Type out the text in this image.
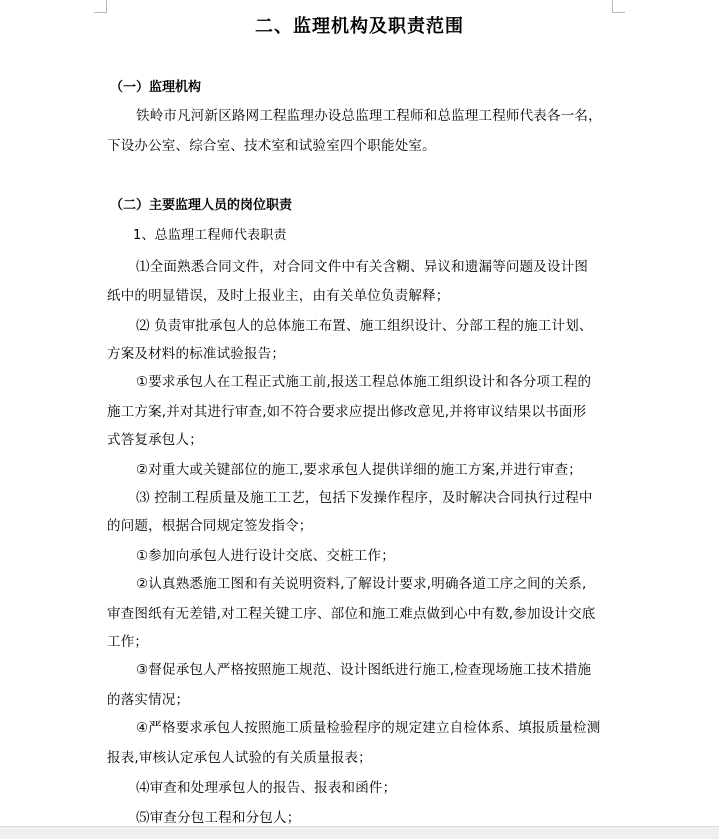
二、监理机构及职责范围
（一）监理机构
铁岭市凡河新区路网工程监理办设总监理工程师和总监理工程师代表各一名，
下设办公室、综合室、技术室和试验室四个职能处室。
（二）主要监理人员的岗位职责
1、总监理工程师代表职责
⑴全面熟悉合同文件，对合同文件中有关含糊、异议和遗漏等问题及设计图
纸中的明显错误，及时上报业主，由有关单位负责解释；
⑵ 负责审批承包人的总体施工布置、施工组织设计、分部工程的施工计划、
方案及材料的标准试验报告；
①要求承包人在工程正式施工前,报送工程总体施工组织设计和各分项工程的
施工方案,并对其进行审查,如不符合要求应提出修改意见,并将审议结果以书面形
式答复承包人；
②对重大或关键部位的施工,要求承包人提供详细的施工方案,并进行审查；
⑶ 控制工程质量及施工工艺，包括下发操作程序，及时解决合同执行过程中
的问题，根据合同规定签发指令；
①参加向承包人进行设计交底、交桩工作；
②认真熟悉施工图和有关说明资料,了解设计要求,明确各道工序之间的关系,
审查图纸有无差错,对工程关键工序、部位和施工难点做到心中有数,参加设计交底
工作；
③督促承包人严格按照施工规范、设计图纸进行施工,检查现场施工技术措施
的落实情况；
④严格要求承包人按照施工质量检验程序的规定建立自检体系、填报质量检测
报表,审核认定承包人试验的有关质量报表；
⑷审查和处理承包人的报告、报表和函件；
⑸审查分包工程和分包人；
